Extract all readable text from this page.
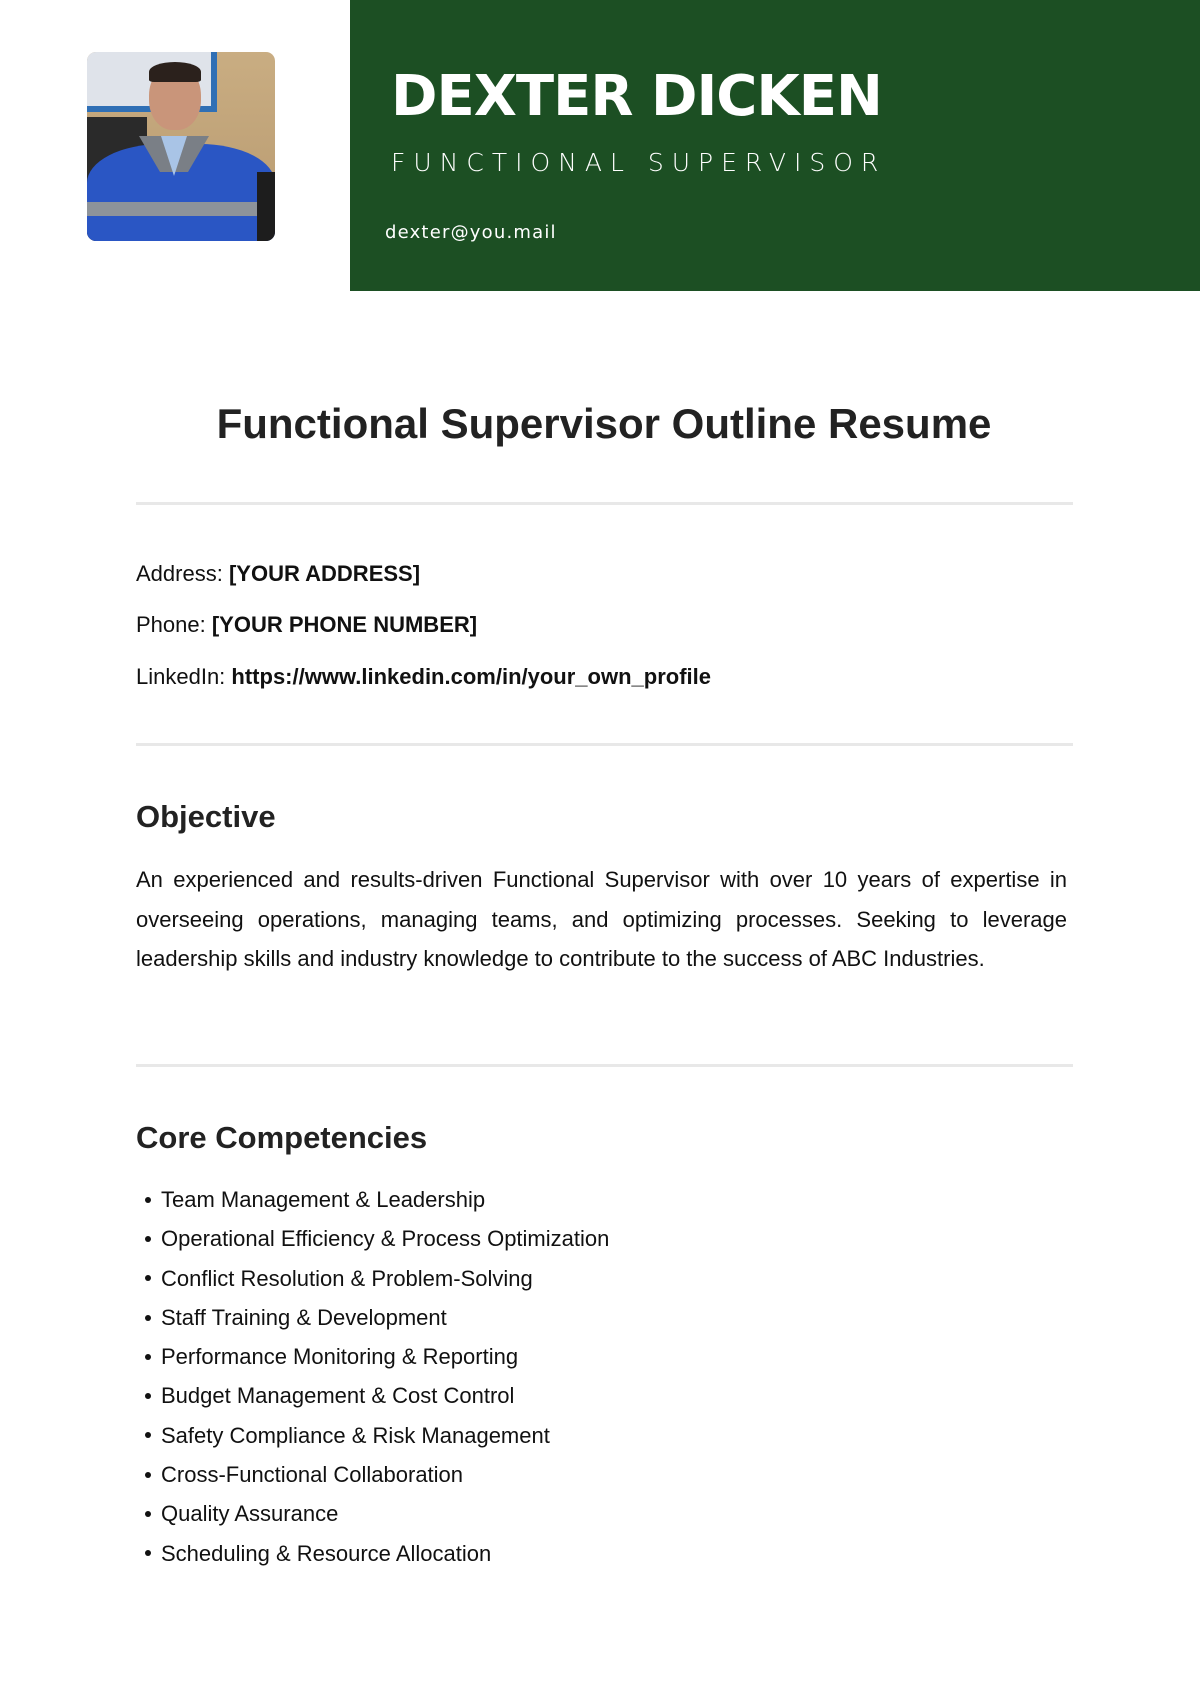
DEXTER DICKEN
FUNCTIONAL SUPERVISOR
dexter@you.mail
Functional Supervisor Outline Resume
Address: [YOUR ADDRESS]
Phone: [YOUR PHONE NUMBER]
LinkedIn: https://www.linkedin.com/in/your_own_profile
Objective
An experienced and results-driven Functional Supervisor with over 10 years of expertise in overseeing operations, managing teams, and optimizing processes. Seeking to leverage leadership skills and industry knowledge to contribute to the success of ABC Industries.
Core Competencies
Team Management & Leadership
Operational Efficiency & Process Optimization
Conflict Resolution & Problem-Solving
Staff Training & Development
Performance Monitoring & Reporting
Budget Management & Cost Control
Safety Compliance & Risk Management
Cross-Functional Collaboration
Quality Assurance
Scheduling & Resource Allocation
